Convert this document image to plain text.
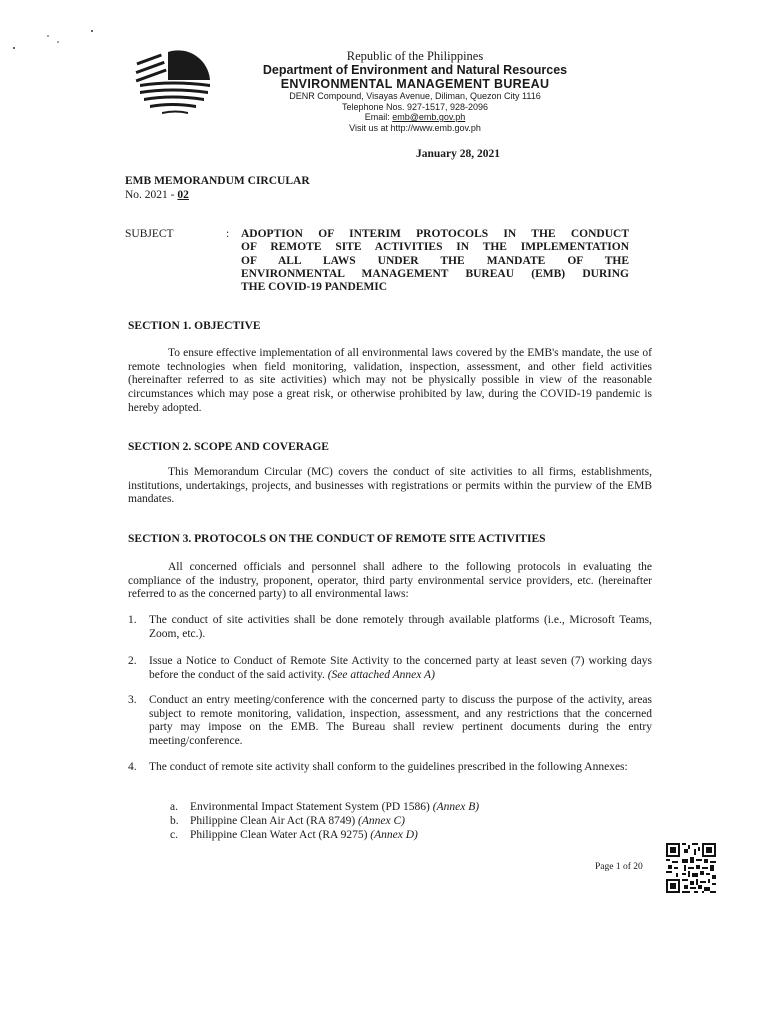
Republic of the Philippines
Department of Environment and Natural Resources
ENVIRONMENTAL MANAGEMENT BUREAU
DENR Compound, Visayas Avenue, Diliman, Quezon City 1116
Telephone Nos. 927-1517, 928-2096
Email: emb@emb.gov.ph
Visit us at http://www.emb.gov.ph
January 28, 2021
EMB MEMORANDUM CIRCULAR
No. 2021 - 02
SUBJECT	: ADOPTION OF INTERIM PROTOCOLS IN THE CONDUCT
OF REMOTE SITE ACTIVITIES IN THE IMPLEMENTATION
OF ALL LAWS UNDER THE MANDATE OF THE
ENVIRONMENTAL MANAGEMENT BUREAU (EMB) DURING
THE COVID-19 PANDEMIC
SECTION 1. OBJECTIVE
To ensure effective implementation of all environmental laws covered by the EMB's mandate, the use of remote technologies when field monitoring, validation, inspection, assessment, and other field activities (hereinafter referred to as site activities) which may not be physically possible in view of the reasonable circumstances which may pose a great risk, or otherwise prohibited by law, during the COVID-19 pandemic is hereby adopted.
SECTION 2. SCOPE AND COVERAGE
This Memorandum Circular (MC) covers the conduct of site activities to all firms, establishments, institutions, undertakings, projects, and businesses with registrations or permits within the purview of the EMB mandates.
SECTION 3. PROTOCOLS ON THE CONDUCT OF REMOTE SITE ACTIVITIES
All concerned officials and personnel shall adhere to the following protocols in evaluating the compliance of the industry, proponent, operator, third party environmental service providers, etc. (hereinafter referred to as the concerned party) to all environmental laws:
1. The conduct of site activities shall be done remotely through available platforms (i.e., Microsoft Teams, Zoom, etc.).
2. Issue a Notice to Conduct of Remote Site Activity to the concerned party at least seven (7) working days before the conduct of the said activity. (See attached Annex A)
3. Conduct an entry meeting/conference with the concerned party to discuss the purpose of the activity, areas subject to remote monitoring, validation, inspection, assessment, and any restrictions that the concerned party may impose on the EMB. The Bureau shall review pertinent documents during the entry meeting/conference.
4. The conduct of remote site activity shall conform to the guidelines prescribed in the following Annexes:
a. Environmental Impact Statement System (PD 1586) (Annex B)
b. Philippine Clean Air Act (RA 8749) (Annex C)
c. Philippine Clean Water Act (RA 9275) (Annex D)
Page 1 of 20
